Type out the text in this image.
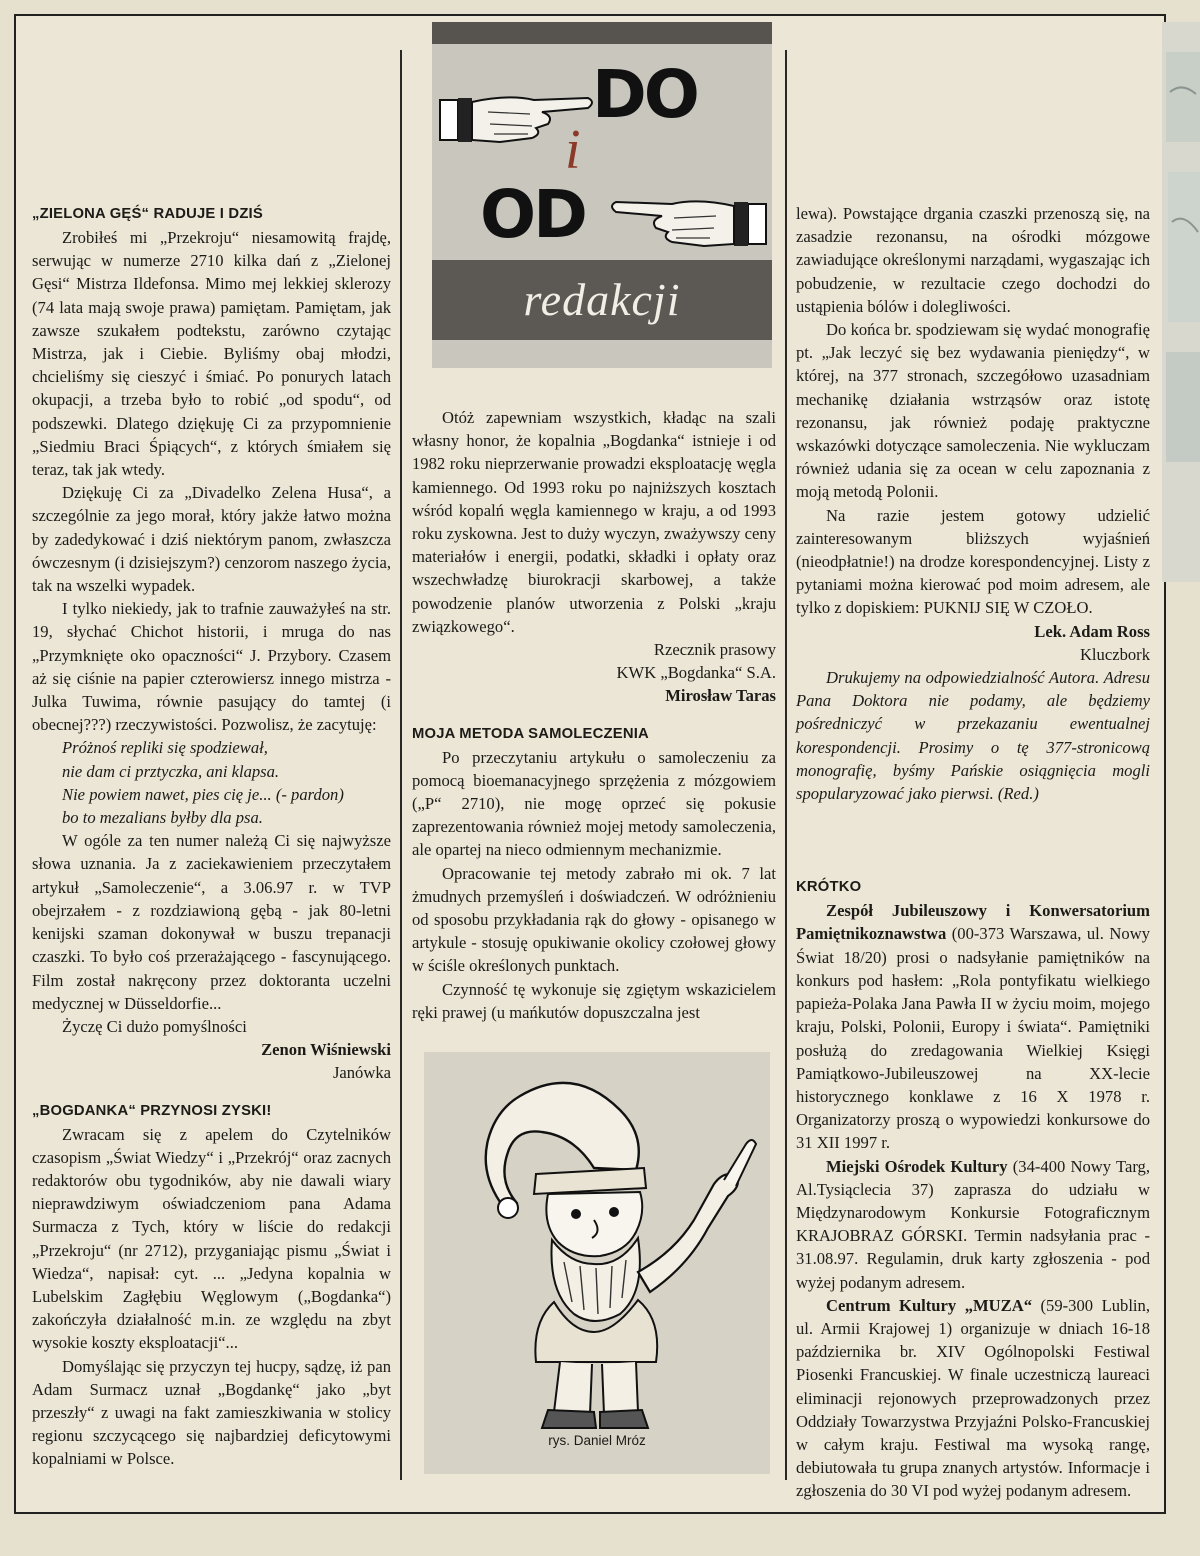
DO
i
OD
redakcji

„ZIELONA GĘŚ“ RADUJE I DZIŚ

Zrobiłeś mi „Przekroju“ niesamowitą frajdę, serwując w numerze 2710 kilka dań z „Zielonej Gęsi“ Mistrza Ildefonsa. Mimo mej lekkiej sklerozy (74 lata mają swoje prawa) pamiętam. Pamiętam, jak zawsze szukałem podtekstu, zarówno czytając Mistrza, jak i Ciebie. Byliśmy obaj młodzi, chcieliśmy się cieszyć i śmiać. Po ponurych latach okupacji, a trzeba było to robić „od spodu“, od podszewki. Dlatego dziękuję Ci za przypomnienie „Siedmiu Braci Śpiących“, z których śmiałem się teraz, tak jak wtedy.

Dziękuję Ci za „Divadelko Zelena Husa“, a szczególnie za jego morał, który jakże łatwo można by zadedykować i dziś niektórym panom, zwłaszcza ówczesnym (i dzisiejszym?) cenzorom naszego życia, tak na wszelki wypadek.

I tylko niekiedy, jak to trafnie zauważyłeś na str. 19, słychać Chichot historii, i mruga do nas „Przymknięte oko opaczności“ J. Przybory. Czasem aż się ciśnie na papier czterowiersz innego mistrza - Julka Tuwima, równie pasujący do tamtej (i obecnej???) rzeczywistości. Pozwolisz, że zacytuję:

Próżnoś repliki się spodziewał,

nie dam ci prztyczka, ani klapsa.

Nie powiem nawet, pies cię je... (- pardon)

bo to mezalians byłby dla psa.

W ogóle za ten numer należą Ci się najwyższe słowa uznania. Ja z zaciekawieniem przeczytałem artykuł „Samoleczenie“, a 3.06.97 r. w TVP obejrzałem - z rozdziawioną gębą - jak 80-letni kenijski szaman dokonywał w buszu trepanacji czaszki. To było coś przerażającego - fascynującego. Film został nakręcony przez doktoranta uczelni medycznej w Düsseldorfie...

Życzę Ci dużo pomyślności

Zenon Wiśniewski

Janówka

„BOGDANKA“ PRZYNOSI ZYSKI!

Zwracam się z apelem do Czytelników czasopism „Świat Wiedzy“ i „Przekrój“ oraz zacnych redaktorów obu tygodników, aby nie dawali wiary nieprawdziwym oświadczeniom pana Adama Surmacza z Tych, który w liście do redakcji „Przekroju“ (nr 2712), przyganiając pismu „Świat i Wiedza“, napisał: cyt. ... „Jedyna kopalnia w Lubelskim Zagłębiu Węglowym („Bogdanka“) zakończyła działalność m.in. ze względu na zbyt wysokie koszty eksploatacji“...

Domyślając się przyczyn tej hucpy, sądzę, iż pan Adam Surmacz uznał „Bogdankę“ jako „byt przeszły“ z uwagi na fakt zamieszkiwania w stolicy regionu szczycącego się najbardziej deficytowymi kopalniami w Polsce.

Otóż zapewniam wszystkich, kładąc na szali własny honor, że kopalnia „Bogdanka“ istnieje i od 1982 roku nieprzerwanie prowadzi eksploatację węgla kamiennego. Od 1993 roku po najniższych kosztach wśród kopalń węgla kamiennego w kraju, a od 1993 roku zyskowna. Jest to duży wyczyn, zważywszy ceny materiałów i energii, podatki, składki i opłaty oraz wszechwładzę biurokracji skarbowej, a także powodzenie planów utworzenia z Polski „kraju związkowego“.

Rzecznik prasowy

KWK „Bogdanka“ S.A.

Mirosław Taras

MOJA METODA SAMOLECZENIA

Po przeczytaniu artykułu o samoleczeniu za pomocą bioemanacyjnego sprzężenia z mózgowiem („P“ 2710), nie mogę oprzeć się pokusie zaprezentowania również mojej metody samoleczenia, ale opartej na nieco odmiennym mechanizmie.

Opracowanie tej metody zabrało mi ok. 7 lat żmudnych przemyśleń i doświadczeń. W odróżnieniu od sposobu przykładania rąk do głowy - opisanego w artykule - stosuję opukiwanie okolicy czołowej głowy w ściśle określonych punktach.

Czynność tę wykonuje się zgiętym wskazicielem ręki prawej (u mańkutów dopuszczalna jest

rys. Daniel Mróz

lewa). Powstające drgania czaszki przenoszą się, na zasadzie rezonansu, na ośrodki mózgowe zawiadujące określonymi narządami, wygaszając ich pobudzenie, w rezultacie czego dochodzi do ustąpienia bólów i dolegliwości.

Do końca br. spodziewam się wydać monografię pt. „Jak leczyć się bez wydawania pieniędzy“, w której, na 377 stronach, szczegółowo uzasadniam mechanikę działania wstrząsów oraz istotę rezonansu, jak również podaję praktyczne wskazówki dotyczące samoleczenia. Nie wykluczam również udania się za ocean w celu zapoznania z moją metodą Polonii.

Na razie jestem gotowy udzielić zainteresowanym bliższych wyjaśnień (nieodpłatnie!) na drodze korespondencyjnej. Listy z pytaniami można kierować pod moim adresem, ale tylko z dopiskiem: PUKNIJ SIĘ W CZOŁO.

Lek. Adam Ross

Kluczbork

Drukujemy na odpowiedzialność Autora. Adresu Pana Doktora nie podamy, ale będziemy pośredniczyć w przekazaniu ewentualnej korespondencji. Prosimy o tę 377-stronicową monografię, byśmy Pańskie osiągnięcia mogli spopularyzować jako pierwsi. (Red.)

KRÓTKO

Zespół Jubileuszowy i Konwersatorium Pamiętnikoznawstwa (00-373 Warszawa, ul. Nowy Świat 18/20) prosi o nadsyłanie pamiętników na konkurs pod hasłem: „Rola pontyfikatu wielkiego papieża-Polaka Jana Pawła II w życiu moim, mojego kraju, Polski, Polonii, Europy i świata“. Pamiętniki posłużą do zredagowania Wielkiej Księgi Pamiątkowo-Jubileuszowej na XX-lecie historycznego konklawe z 16 X 1978 r. Organizatorzy proszą o wypowiedzi konkursowe do 31 XII 1997 r.

Miejski Ośrodek Kultury (34-400 Nowy Targ, Al.Tysiąclecia 37) zaprasza do udziału w Międzynarodowym Konkursie Fotograficznym KRAJOBRAZ GÓRSKI. Termin nadsyłania prac - 31.08.97. Regulamin, druk karty zgłoszenia - pod wyżej podanym adresem.

Centrum Kultury „MUZA“ (59-300 Lublin, ul. Armii Krajowej 1) organizuje w dniach 16-18 października br. XIV Ogólnopolski Festiwal Piosenki Francuskiej. W finale uczestniczą laureaci eliminacji rejonowych przeprowadzonych przez Oddziały Towarzystwa Przyjaźni Polsko-Francuskiej w całym kraju. Festiwal ma wysoką rangę, debiutowała tu grupa znanych artystów. Informacje i zgłoszenia do 30 VI pod wyżej podanym adresem.
